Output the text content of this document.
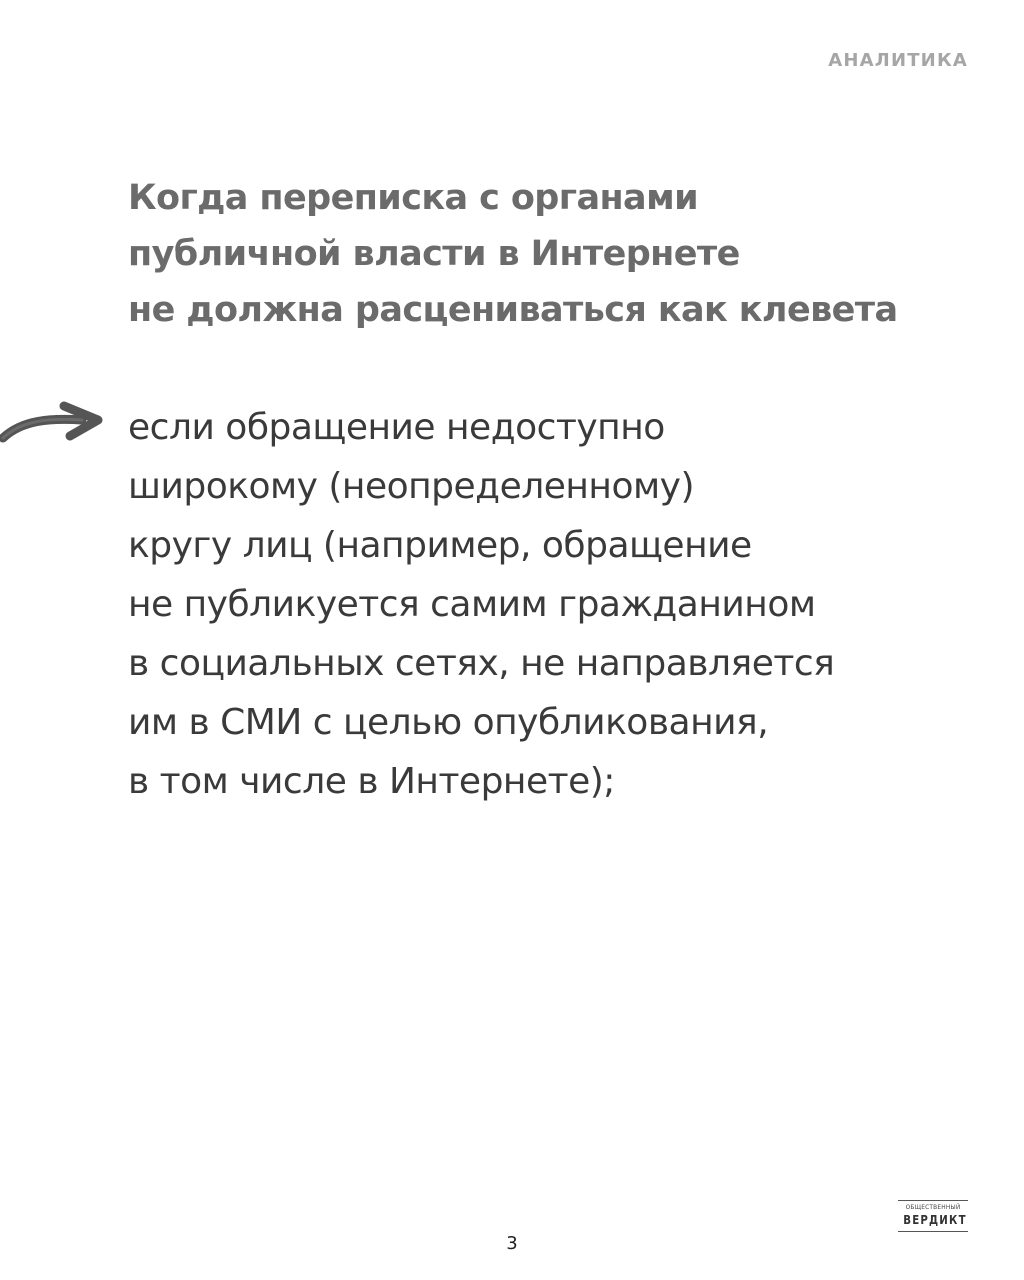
АНАЛИТИКА
Когда переписка с органами
публичной власти в Интернете
не должна расцениваться как клевета

если обращение недоступно
широкому (неопределенному)
кругу лиц (например, обращение
не публикуется самим гражданином
в социальных сетях, не направляется
им в СМИ с целью опубликования,
в том числе в Интернете);

ОБЩЕСТВЕННЫЙ
ВЕРДИКТ
3
